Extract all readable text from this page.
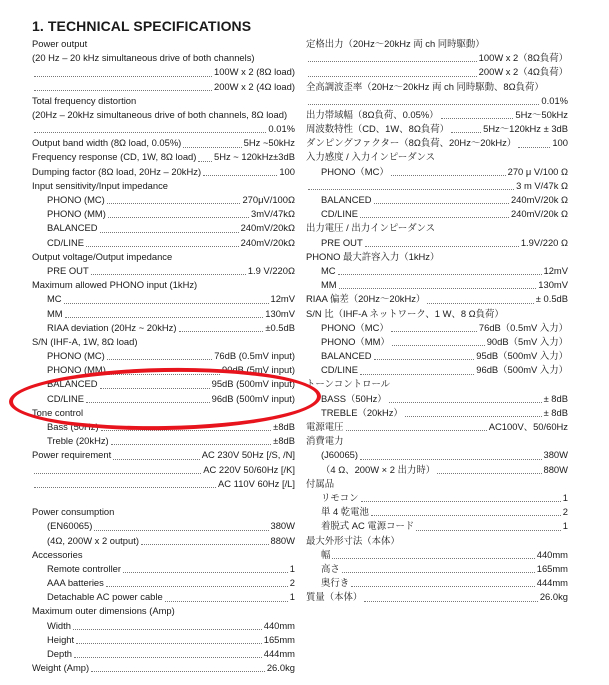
1. TECHNICAL SPECIFICATIONS
Power output
(20 Hz – 20 kHz simultaneous drive of both channels)
100W x 2 (8Ω load)
200W x 2 (4Ω load)
Total frequency distortion
(20Hz – 20kHz simultaneous drive of both channels, 8Ω load)
0.01%
Output band width (8Ω load, 0.05%)	5Hz ~50kHz
Frequency response (CD, 1W, 8Ω load) 5Hz ~ 120kHz±3dB
Dumping factor (8Ω load, 20Hz – 20kHz)	100
Input sensitivity/Input impedance
PHONO (MC)	270μV/100Ω
PHONO (MM)	3mV/47kΩ
BALANCED	240mV/20kΩ
CD/LINE	240mV/20kΩ
Output voltage/Output impedance
PRE OUT	1.9 V/220Ω
Maximum allowed PHONO input (1kHz)
MC	12mV
MM	130mV
RIAA deviation (20Hz ~ 20kHz)	±0.5dB
S/N (IHF-A, 1W, 8Ω load)
PHONO (MC)	76dB (0.5mV input)
PHONO (MM)	90dB (5mV input)
BALANCED	95dB (500mV input)
CD/LINE	96dB (500mV input)
Tone control
Bass (50Hz)	±8dB
Treble (20kHz)	±8dB
Power requirement	AC 230V 50Hz [/S, /N]
AC 220V 50/60Hz [/K]
AC 110V 60Hz [/L]
Power consumption
(EN60065)	380W
(4Ω, 200W x 2 output)	880W
Accessories
Remote controller	1
AAA batteries	2
Detachable AC power cable	1
Maximum outer dimensions (Amp)
Width	440mm
Height	165mm
Depth	444mm
Weight (Amp)	26.0kg
定格出力（20Hz～20kHz 両 ch 同時駆動）
100W x 2（8Ω負荷）
200W x 2（4Ω負荷）
全高調波歪率（20Hz～20kHz 両 ch 同時駆動、8Ω負荷）
0.01%
出力帯域幅（8Ω負荷、0.05%）	5Hz～50kHz
周波数特性（CD、1W、8Ω負荷）	5Hz～120kHz ± 3dB
ダンピングファクター（8Ω負荷、20Hz～20kHz）	100
入力感度 / 入力インピーダンス
PHONO（MC）	270 μ V/100 Ω
3 m V/47k Ω
BALANCED	240mV/20k Ω
CD/LINE	240mV/20k Ω
出力電圧 / 出力インピーダンス
PRE OUT	1.9V/220 Ω
PHONO 最大許容入力（1kHz）
MC	12mV
MM	130mV
RIAA 偏差（20Hz～20kHz）	± 0.5dB
S/N 比（IHF-A ネットワーク、1 W、8 Ω負荷）
PHONO（MC）	76dB（0.5mV 入力）
PHONO（MM）	90dB（5mV 入力）
BALANCED	95dB（500mV 入力）
CD/LINE	96dB（500mV 入力）
トーンコントロール
BASS（50Hz）	± 8dB
TREBLE（20kHz）	± 8dB
電源電圧	AC100V、50/60Hz
消費電力
(J60065)	380W
（4 Ω、200W × 2 出力時）	880W
付属品
リモコン	1
単 4 乾電池	2
着脱式 AC 電源コード	1
最大外形寸法（本体）
幅	440mm
高さ	165mm
奥行き	444mm
質量（本体）	26.0kg
